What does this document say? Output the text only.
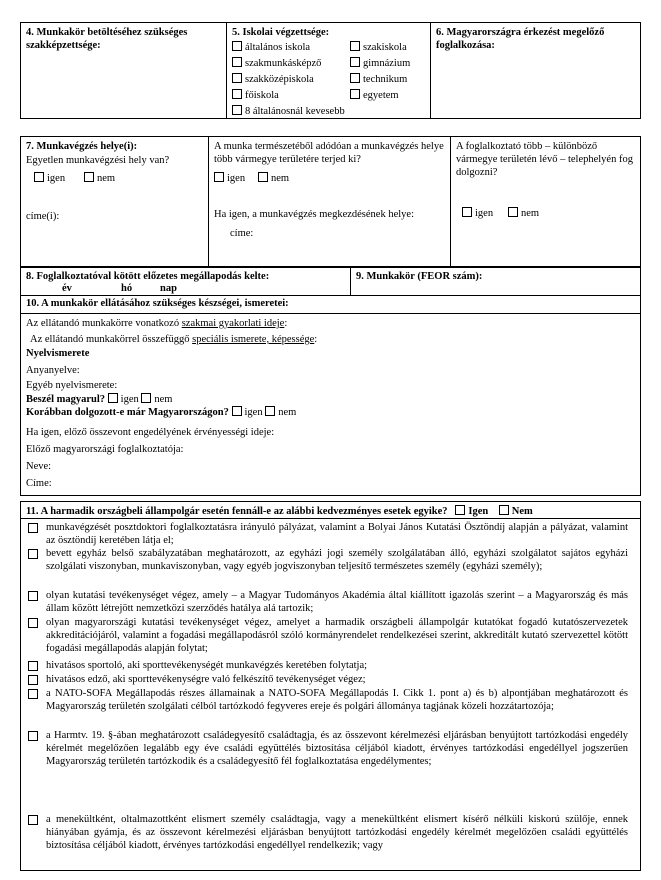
4. Munkakör betöltéséhez szükséges szakképzettsége:
5. Iskolai végzettsége:	6. Magyarországra érkezést megelőző foglalkozása:
általános iskola
szakmunkásképző
szakközépiskola
főiskola
8 általánosnál kevesebb
szakiskola
gimnázium
technikum
egyetem
7. Munkavégzés helye(i):
Egyetlen munkavégzési hely van?
igen	nem
címe(i):
A munka természetéből adódóan a munkavégzés helye több vármegye területére terjed ki?
igen	nem
Ha igen, a munkavégzés megkezdésének helye:
címe:
A foglalkoztató több – különböző vármegye területén lévő – telephelyén fog dolgozni?
igen	nem
8. Foglalkoztatóval kötött előzetes megállapodás kelte:
év	hó	nap
9. Munkakör (FEOR szám):
10. A munkakör ellátásához szükséges készségei, ismeretei:
Az ellátandó munkakörre vonatkozó szakmai gyakorlati ideje:
Az ellátandó munkakörrel összefüggő speciális ismerete, képessége:
Nyelvismerete
Anyanyelve:
Egyéb nyelvismerete:
Beszél magyarul? igen nem
Korábban dolgozott-e már Magyarországon? igen nem
Ha igen, előző összevont engedélyének érvényességi ideje:
Előző magyarországi foglalkoztatója:
Neve:
Címe:
11. A harmadik országbeli állampolgár esetén fennáll-e az alábbi kedvezményes esetek egyike? Igen Nem
munkavégzését posztdoktori foglalkoztatásra irányuló pályázat, valamint a Bolyai János Kutatási Ösztöndíj alapján a pályázat, valamint az ösztöndíj keretében látja el;
bevett egyház belső szabályzatában meghatározott, az egyházi jogi személy szolgálatában álló, egyházi szolgálatot sajátos egyházi szolgálati viszonyban, munkaviszonyban, vagy egyéb jogviszonyban teljesítő természetes személy (egyházi személy);
olyan kutatási tevékenységet végez, amely – a Magyar Tudományos Akadémia által kiállított igazolás szerint – a Magyarország és más állam között létrejött nemzetközi szerződés hatálya alá tartozik;
olyan magyarországi kutatási tevékenységet végez, amelyet a harmadik országbeli állampolgár kutatókat fogadó kutatószervezetek akkreditációjáról, valamint a fogadási megállapodásról szóló kormányrendelet rendelkezései szerint, akkreditált kutató szervezettel kötött fogadási megállapodás alapján folytat;
hivatásos sportoló, aki sporttevékenységét munkavégzés keretében folytatja;
hivatásos edző, aki sporttevékenységre való felkészítő tevékenységet végez;
a NATO-SOFA Megállapodás részes államainak a NATO-SOFA Megállapodás I. Cikk 1. pont a) és b) alpontjában meghatározott és Magyarország területén szolgálati célból tartózkodó fegyveres ereje és polgári állománya tagjának közeli hozzátartozója;
a Harmtv. 19. §-ában meghatározott családegyesítő családtagja, és az összevont kérelmezési eljárásban benyújtott tartózkodási engedély kérelmét megelőzően legalább egy éve családi együttélés biztosítása céljából kiadott, érvényes tartózkodási engedéllyel jogszerűen Magyarország területén tartózkodik és a családegyesítő fél foglalkoztatása engedélymentes;
a menekültként, oltalmazottként elismert személy családtagja, vagy a menekültként elismert kísérő nélküli kiskorú szülője, ennek hiányában gyámja, és az összevont kérelmezési eljárásban benyújtott tartózkodási engedély kérelmét megelőzően családi együttélés biztosítása céljából kiadott, érvényes tartózkodási engedéllyel rendelkezik; vagy
